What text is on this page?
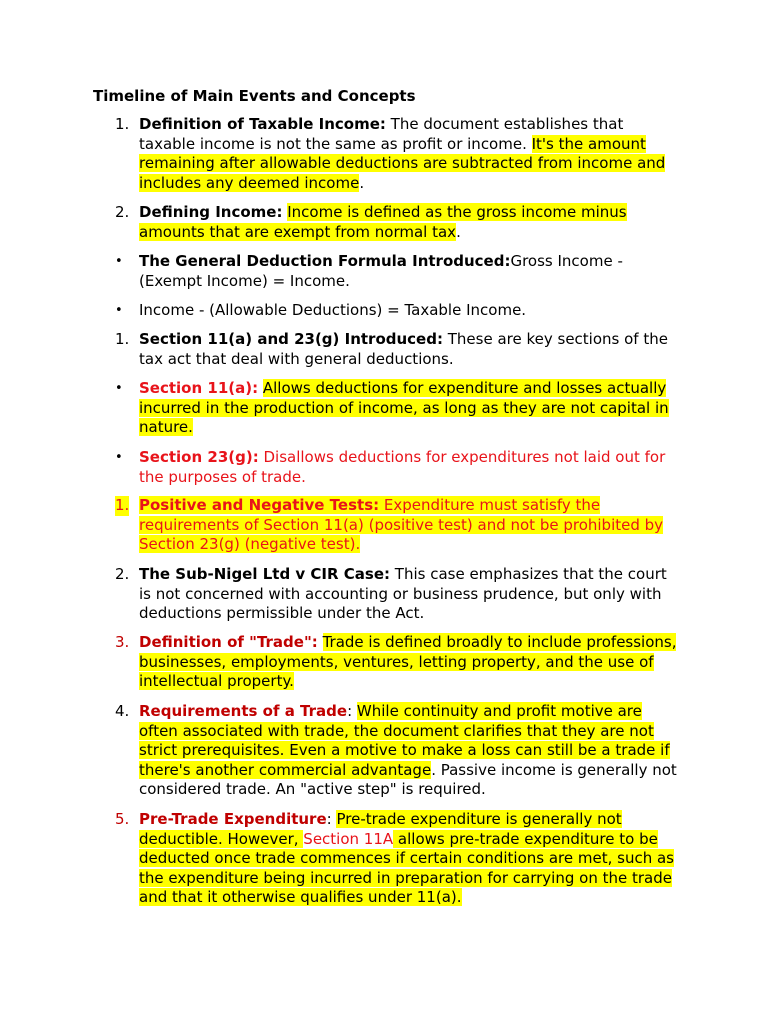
Timeline of Main Events and Concepts
1. Definition of Taxable Income: The document establishes that taxable income is not the same as profit or income. It's the amount remaining after allowable deductions are subtracted from income and includes any deemed income.
2. Defining Income: Income is defined as the gross income minus amounts that are exempt from normal tax.
•	The General Deduction Formula Introduced:Gross Income - (Exempt Income) = Income.
•	Income - (Allowable Deductions) = Taxable Income.
1. Section 11(a) and 23(g) Introduced: These are key sections of the tax act that deal with general deductions.
•	Section 11(a): Allows deductions for expenditure and losses actually incurred in the production of income, as long as they are not capital in nature.
•	Section 23(g): Disallows deductions for expenditures not laid out for the purposes of trade.
1. Positive and Negative Tests: Expenditure must satisfy the requirements of Section 11(a) (positive test) and not be prohibited by Section 23(g) (negative test).
2. The Sub-Nigel Ltd v CIR Case: This case emphasizes that the court is not concerned with accounting or business prudence, but only with deductions permissible under the Act.
3. Definition of "Trade": Trade is defined broadly to include professions, businesses, employments, ventures, letting property, and the use of intellectual property.
4. Requirements of a Trade: While continuity and profit motive are often associated with trade, the document clarifies that they are not strict prerequisites. Even a motive to make a loss can still be a trade if there's another commercial advantage. Passive income is generally not considered trade. An "active step" is required.
5. Pre-Trade Expenditure: Pre-trade expenditure is generally not deductible. However, Section 11A allows pre-trade expenditure to be deducted once trade commences if certain conditions are met, such as the expenditure being incurred in preparation for carrying on the trade and that it otherwise qualifies under 11(a).
